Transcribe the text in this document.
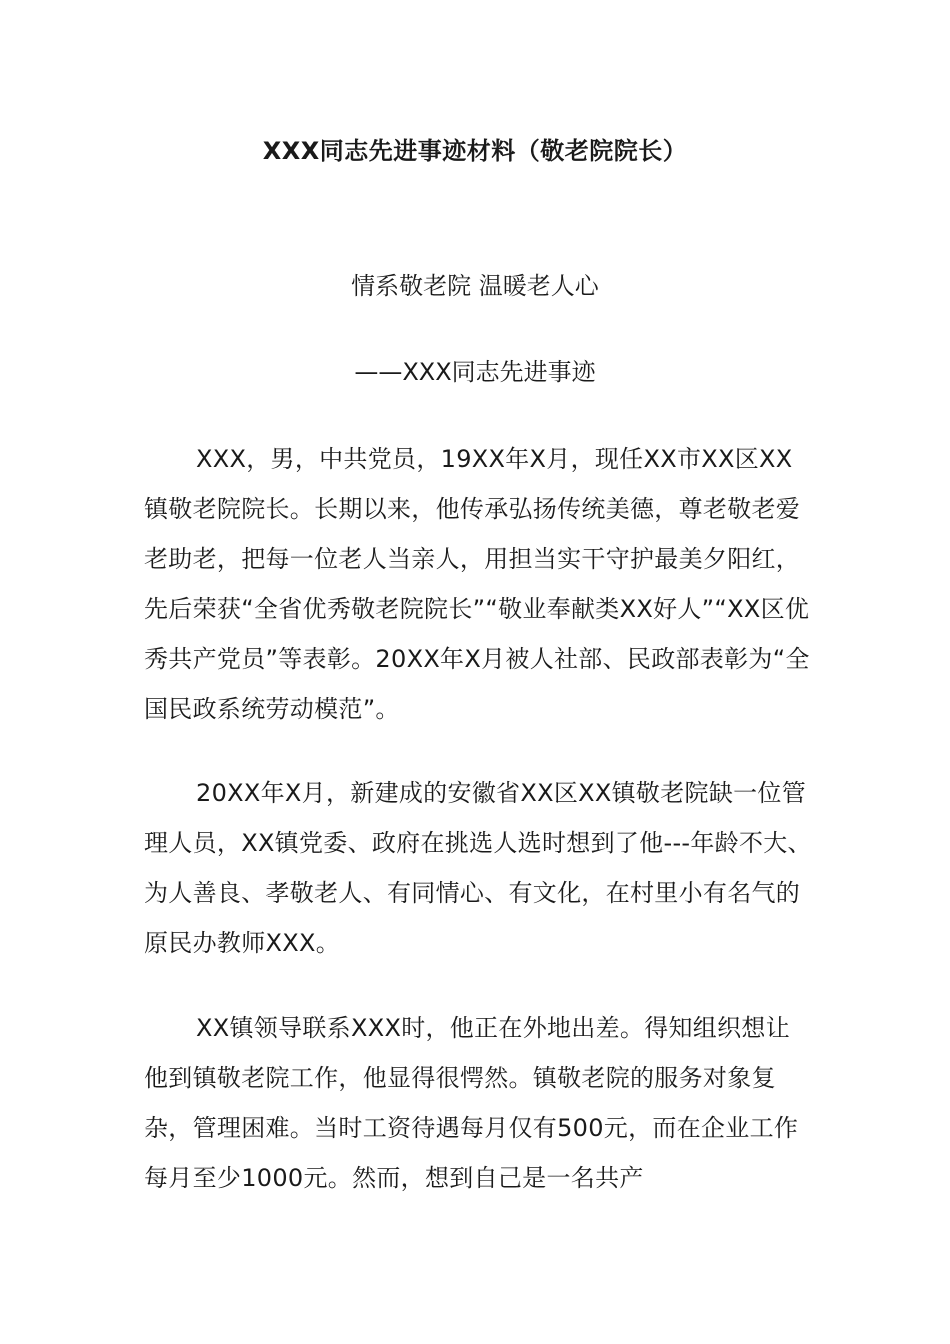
XXX同志先进事迹材料（敬老院院长）
情系敬老院 温暖老人心
——XXX同志先进事迹

XXX，男，中共党员，19XX年X月，现任XX市XX区XX镇敬老院院长。长期以来，他传承弘扬传统美德，尊老敬老爱老助老，把每一位老人当亲人，用担当实干守护最美夕阳红，先后荣获“全省优秀敬老院院长”“敬业奉献类XX好人”“XX区优秀共产党员”等表彰。20XX年X月被人社部、民政部表彰为“全国民政系统劳动模范”。

20XX年X月，新建成的安徽省XX区XX镇敬老院缺一位管理人员，XX镇党委、政府在挑选人选时想到了他---年龄不大、为人善良、孝敬老人、有同情心、有文化，在村里小有名气的原民办教师XXX。

XX镇领导联系XXX时，他正在外地出差。得知组织想让他到镇敬老院工作，他显得很愕然。镇敬老院的服务对象复杂，管理困难。当时工资待遇每月仅有500元，而在企业工作每月至少1000元。然而，想到自己是一名共产
